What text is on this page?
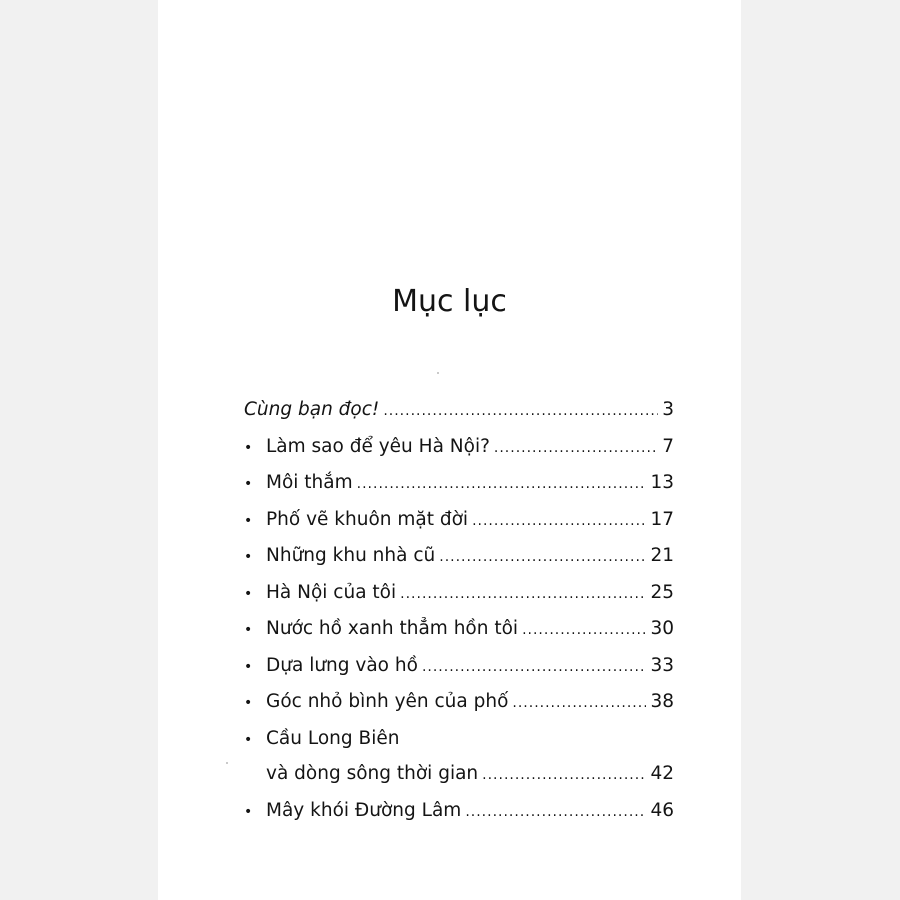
Mục lục
Cùng bạn đọc! .....	3
• Làm sao để yêu Hà Nội? .....	7
• Môi thắm .....	13
• Phố vẽ khuôn mặt đời .....	17
• Những khu nhà cũ .....	21
• Hà Nội của tôi .....	25
• Nước hồ xanh thẳm hồn tôi .....	30
• Dựa lưng vào hồ .....	33
• Góc nhỏ bình yên của phố .....	38
• Cầu Long Biên
và dòng sông thời gian .....	42
• Mây khói Đường Lâm .....	46
